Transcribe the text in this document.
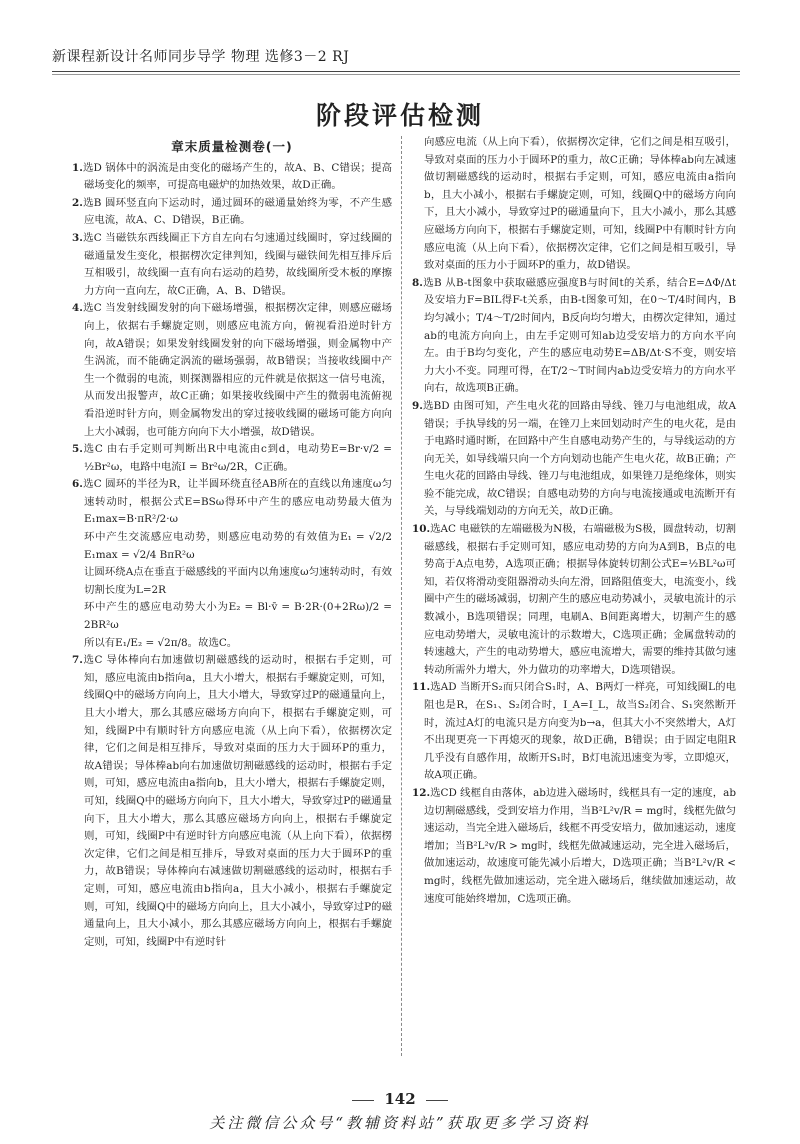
新课程新设计名师同步导学 物理 选修3－2 RJ
阶段评估检测
章末质量检测卷(一)

1.选D 锅体中的涡流是由变化的磁场产生的，故A、B、C错误；提高磁场变化的频率，可提高电磁炉的加热效果，故D正确。

2.选B 圆环竖直向下运动时，通过圆环的磁通量始终为零，不产生感应电流，故A、C、D错误，B正确。

3.选C 当磁铁东西线圈正下方自左向右匀速通过线圈时，穿过线圈的磁通量发生变化，根据楞次定律判知，线圈与磁铁间先相互排斥后互相吸引，故线圈一直有向右运动的趋势，故线圈所受木板的摩擦力方向一直向左，故C正确，A、B、D错误。

4.选C 当发射线圈发射的向下磁场增强，根据楞次定律，则感应磁场向上，依据右手螺旋定则，则感应电流方向，俯视看沿逆时针方向，故A错误；如果发射线圈发射的向下磁场增强，则金属物中产生涡流，而不能确定涡流的磁场强弱，故B错误；当接收线圈中产生一个微弱的电流，则探测器相应的元件就是依据这一信号电流，从而发出报警声，故C正确；如果接收线圈中产生的微弱电流俯视看沿逆时针方向，则金属物发出的穿过接收线圈的磁场可能方向向上大小减弱，也可能方向向下大小增强，故D错误。

5.选C 由右手定则可判断出R中电流由c到d，电动势E=Br·v/2 = ½Br²ω，电路中电流I = Br²ω/2R，C正确。

6.选C 圆环的半径为R，让半圆环绕直径AB所在的直线以角速度ω匀速转动时，根据公式E=BSω得环中产生的感应电动势最大值为E₁max=B·πR²/2·ω

环中产生交流感应电动势，则感应电动势的有效值为E₁ = √2/2 E₁max = √2/4 BπR²ω

让圆环绕A点在垂直于磁感线的平面内以角速度ω匀速转动时，有效切割长度为L=2R

环中产生的感应电动势大小为E₂ = Bl·v̄ = B·2R·(0+2Rω)/2 = 2BR²ω

所以有E₁/E₂ = √2π/8。故选C。

7.选C 导体棒向右加速做切割磁感线的运动时，根据右手定则，可知，感应电流由b指向a，且大小增大，根据右手螺旋定则，可知，线圈Q中的磁场方向向上，且大小增大，导致穿过P的磁通量向上，且大小增大，那么其感应磁场方向向下，根据右手螺旋定则，可知，线圈P中有顺时针方向感应电流（从上向下看），依据楞次定律，它们之间是相互排斥，导致对桌面的压力大于圆环P的重力，故A错误；导体棒ab向右加速做切割磁感线的运动时，根据右手定则，可知，感应电流由a指向b，且大小增大，根据右手螺旋定则，可知，线圈Q中的磁场方向向下，且大小增大，导致穿过P的磁通量向下，且大小增大，那么其感应磁场方向向上，根据右手螺旋定则，可知，线圈P中有逆时针方向感应电流（从上向下看），依据楞次定律，它们之间是相互排斥，导致对桌面的压力大于圆环P的重力，故B错误；导体棒向右减速做切割磁感线的运动时，根据右手定则，可知，感应电流由b指向a，且大小减小，根据右手螺旋定则，可知，线圈Q中的磁场方向向上，且大小减小，导致穿过P的磁通量向上，且大小减小，那么其感应磁场方向向上，根据右手螺旋定则，可知，线圈P中有逆时针

向感应电流（从上向下看），依据楞次定律，它们之间是相互吸引，导致对桌面的压力小于圆环P的重力，故C正确；导体棒ab向左减速做切割磁感线的运动时，根据右手定则，可知，感应电流由a指向b，且大小减小，根据右手螺旋定则，可知，线圈Q中的磁场方向向下，且大小减小，导致穿过P的磁通量向下，且大小减小，那么其感应磁场方向向下，根据右手螺旋定则，可知，线圈P中有顺时针方向感应电流（从上向下看），依据楞次定律，它们之间是相互吸引，导致对桌面的压力小于圆环P的重力，故D错误。

8.选B 从B-t图象中获取磁感应强度B与时间t的关系，结合E=ΔΦ/Δt及安培力F=BIL得F-t关系，由B-t图象可知，在0～T/4时间内，B均匀减小；T/4～T/2时间内，B反向均匀增大，由楞次定律知，通过ab的电流方向向上，由左手定则可知ab边受安培力的方向水平向左。由于B均匀变化，产生的感应电动势E=ΔB/Δt·S不变，则安培力大小不变。同理可得，在T/2～T时间内ab边受安培力的方向水平向右，故选项B正确。

9.选BD 由图可知，产生电火花的回路由导线、锉刀与电池组成，故A错误；手执导线的另一端，在锉刀上来回划动时产生的电火花，是由于电路时通时断，在回路中产生自感电动势产生的，与导线运动的方向无关，如导线端只向一个方向划动也能产生电火花，故B正确；产生电火花的回路由导线、锉刀与电池组成，如果锉刀是绝缘体，则实验不能完成，故C错误；自感电动势的方向与电流接通或电流断开有关，与导线端划动的方向无关，故D正确。

10.选AC 电磁铁的左端磁极为N极，右端磁极为S极，圆盘转动，切割磁感线，根据右手定则可知，感应电动势的方向为A到B，B点的电势高于A点电势，A选项正确；根据导体旋转切割公式E=½BL²ω可知，若仅将滑动变阻器滑动头向左滑，回路阻值变大，电流变小，线圈中产生的磁场减弱，切割产生的感应电动势减小，灵敏电流计的示数减小，B选项错误；同理，电刷A、B间距离增大，切割产生的感应电动势增大，灵敏电流计的示数增大，C选项正确；金属盘转动的转速越大，产生的电动势增大，感应电流增大，需要的维持其做匀速转动所需外力增大，外力做功的功率增大，D选项错误。

11.选AD 当断开S₂而只闭合S₁时，A、B两灯一样亮，可知线圈L的电阻也是R，在S₁、S₂闭合时，I_A=I_L，故当S₂闭合、S₁突然断开时，流过A灯的电流只是方向变为b→a，但其大小不突然增大，A灯不出现更亮一下再熄灭的现象，故D正确，B错误；由于固定电阻R几乎没有自感作用，故断开S₁时，B灯电流迅速变为零，立即熄灭，故A项正确。

12.选CD 线框自由落体，ab边进入磁场时，线框具有一定的速度，ab边切割磁感线，受到安培力作用，当B²L²v/R = mg时，线框先做匀速运动，当完全进入磁场后，线框不再受安培力，做加速运动，速度增加；当B²L²v/R > mg时，线框先做减速运动，完全进入磁场后，做加速运动，故速度可能先减小后增大，D选项正确；当B²L²v/R < mg时，线框先做加速运动，完全进入磁场后，继续做加速运动，故速度可能始终增加，C选项正确。

142
关注微信公众号“教辅资料站”获取更多学习资料
